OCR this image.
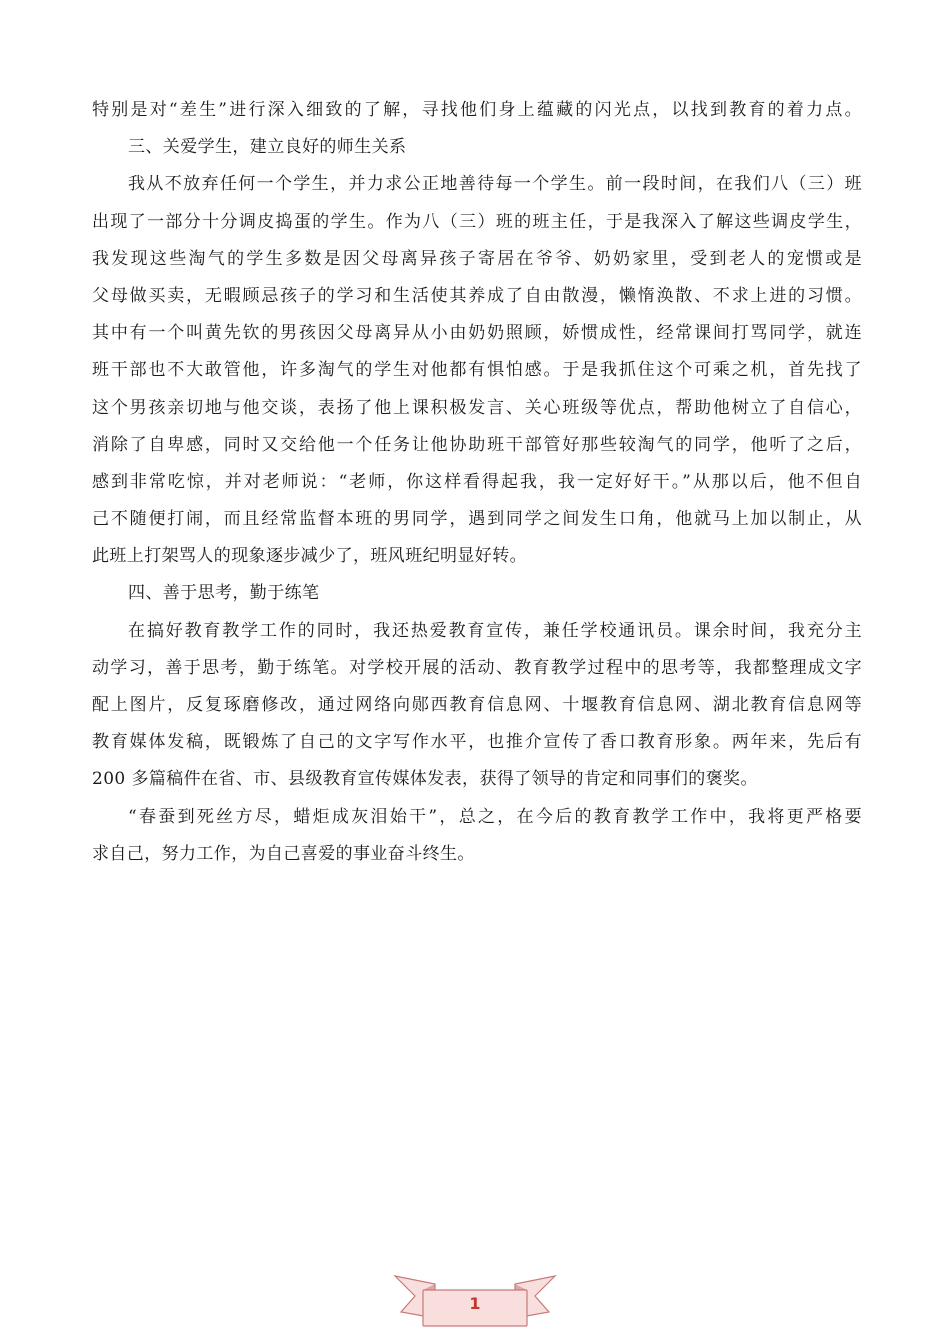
特别是对“差生”进行深入细致的了解，寻找他们身上蕴藏的闪光点，以找到教育的着力点。
三、关爱学生，建立良好的师生关系
我从不放弃任何一个学生，并力求公正地善待每一个学生。前一段时间，在我们八（三）班
出现了一部分十分调皮捣蛋的学生。作为八（三）班的班主任，于是我深入了解这些调皮学生，
我发现这些淘气的学生多数是因父母离异孩子寄居在爷爷、奶奶家里，受到老人的宠惯或是
父母做买卖，无暇顾忌孩子的学习和生活使其养成了自由散漫，懒惰涣散、不求上进的习惯。
其中有一个叫黄先钦的男孩因父母离异从小由奶奶照顾，娇惯成性，经常课间打骂同学，就连
班干部也不大敢管他，许多淘气的学生对他都有惧怕感。于是我抓住这个可乘之机，首先找了
这个男孩亲切地与他交谈，表扬了他上课积极发言、关心班级等优点，帮助他树立了自信心，
消除了自卑感，同时又交给他一个任务让他协助班干部管好那些较淘气的同学，他听了之后，
感到非常吃惊，并对老师说：“老师，你这样看得起我，我一定好好干。”从那以后，他不但自
己不随便打闹，而且经常监督本班的男同学，遇到同学之间发生口角，他就马上加以制止，从
此班上打架骂人的现象逐步减少了，班风班纪明显好转。
四、善于思考，勤于练笔
在搞好教育教学工作的同时，我还热爱教育宣传，兼任学校通讯员。课余时间，我充分主
动学习，善于思考，勤于练笔。对学校开展的活动、教育教学过程中的思考等，我都整理成文字
配上图片，反复琢磨修改，通过网络向郧西教育信息网、十堰教育信息网、湖北教育信息网等
教育媒体发稿，既锻炼了自己的文字写作水平，也推介宣传了香口教育形象。两年来，先后有
200 多篇稿件在省、市、县级教育宣传媒体发表，获得了领导的肯定和同事们的褒奖。
“春蚕到死丝方尽，蜡炬成灰泪始干”，总之，在今后的教育教学工作中，我将更严格要
求自己，努力工作，为自己喜爱的事业奋斗终生。
1
